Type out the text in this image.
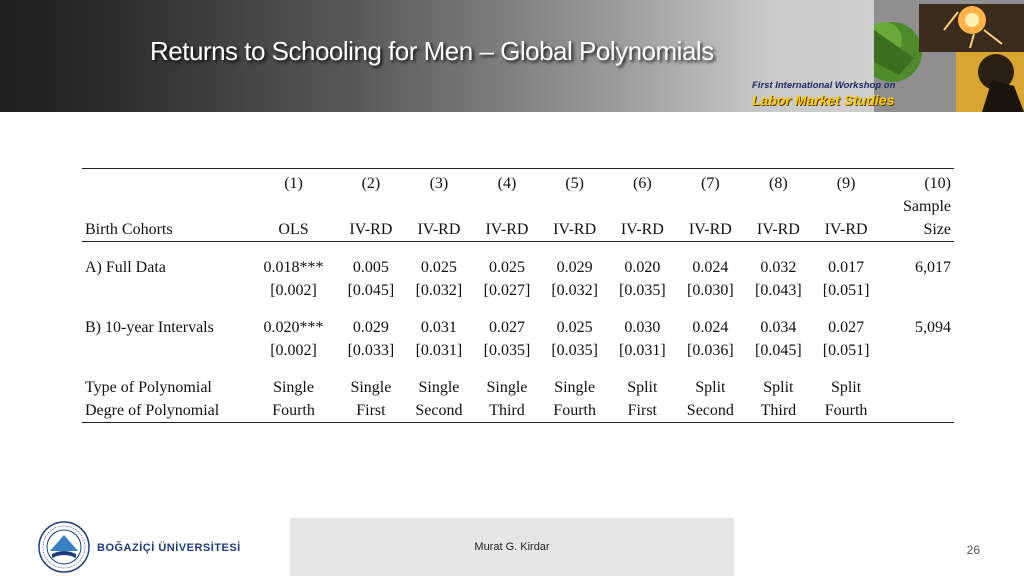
Returns to Schooling for Men – Global Polynomials
First International Workshop on
Labor Market Studies
	(1)	(2)	(3)	(4)	(5)	(6)	(7)	(8)	(9)	(10)
										Sample
Birth Cohorts	OLS	IV-RD	IV-RD	IV-RD	IV-RD	IV-RD	IV-RD	IV-RD	IV-RD	Size
A) Full Data	0.018***	0.005	0.025	0.025	0.029	0.020	0.024	0.032	0.017	6,017
	[0.002]	[0.045]	[0.032]	[0.027]	[0.032]	[0.035]	[0.030]	[0.043]	[0.051]	
B) 10-year Intervals	0.020***	0.029	0.031	0.027	0.025	0.030	0.024	0.034	0.027	5,094
	[0.002]	[0.033]	[0.031]	[0.035]	[0.035]	[0.031]	[0.036]	[0.045]	[0.051]	
Type of Polynomial	Single	Single	Single	Single	Single	Split	Split	Split	Split	
Degre of Polynomial	Fourth	First	Second	Third	Fourth	First	Second	Third	Fourth	
Murat G. Kirdar	26
BOĞAZİÇİ ÜNİVERSİTESİ
